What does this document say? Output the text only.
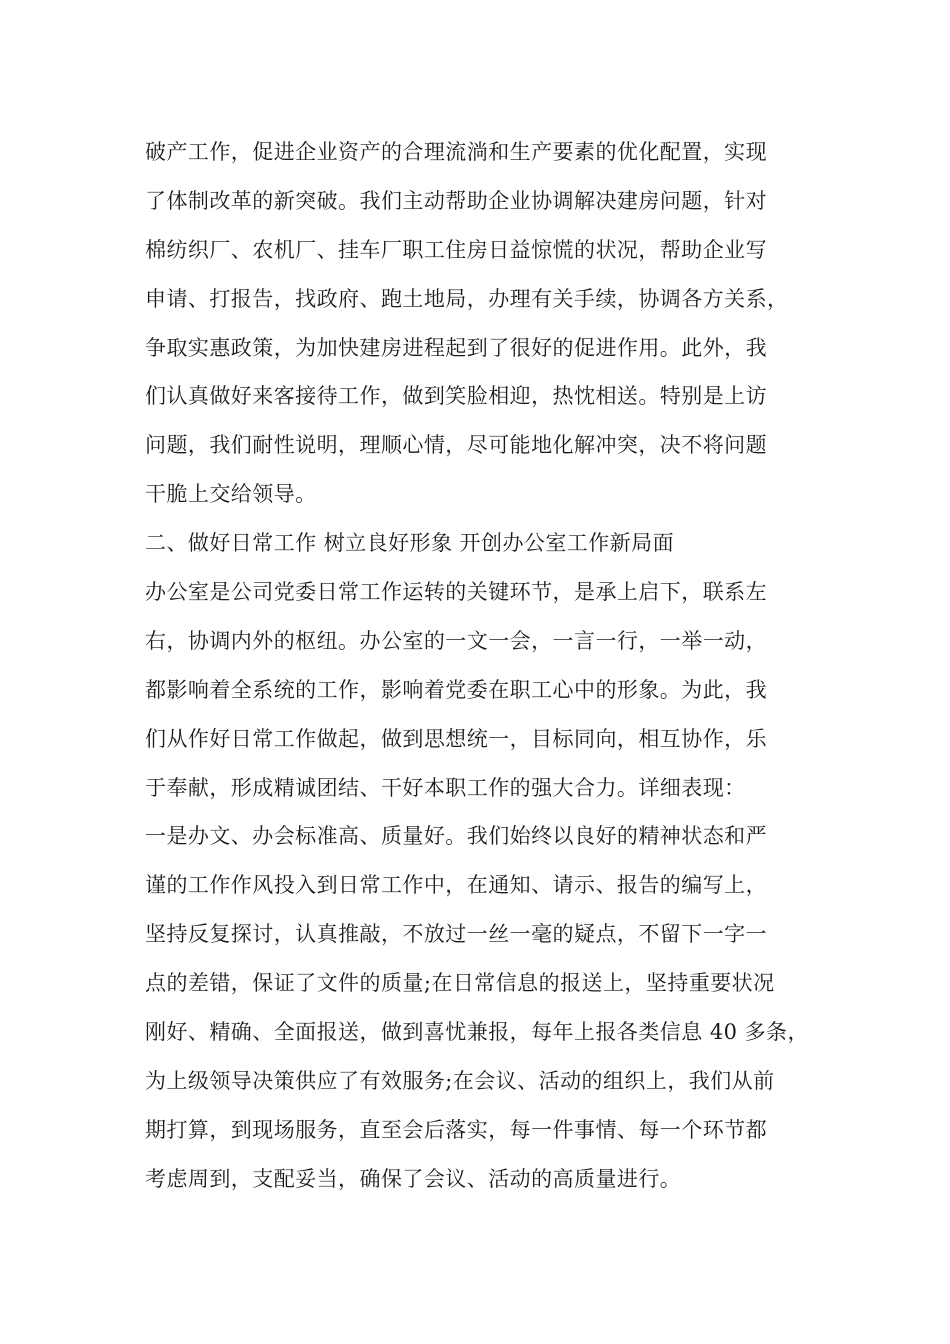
破产工作，促进企业资产的合理流淌和生产要素的优化配置，实现
了体制改革的新突破。我们主动帮助企业协调解决建房问题，针对
棉纺织厂、农机厂、挂车厂职工住房日益惊慌的状况，帮助企业写
申请、打报告，找政府、跑土地局，办理有关手续，协调各方关系，
争取实惠政策，为加快建房进程起到了很好的促进作用。此外，我
们认真做好来客接待工作，做到笑脸相迎，热忱相送。特别是上访
问题，我们耐性说明，理顺心情，尽可能地化解冲突，决不将问题
干脆上交给领导。
二、做好日常工作 树立良好形象 开创办公室工作新局面
办公室是公司党委日常工作运转的关键环节，是承上启下，联系左
右，协调内外的枢纽。办公室的一文一会，一言一行，一举一动，
都影响着全系统的工作，影响着党委在职工心中的形象。为此，我
们从作好日常工作做起，做到思想统一，目标同向，相互协作，乐
于奉献，形成精诚团结、干好本职工作的强大合力。详细表现：
一是办文、办会标准高、质量好。我们始终以良好的精神状态和严
谨的工作作风投入到日常工作中，在通知、请示、报告的编写上，
坚持反复探讨，认真推敲，不放过一丝一毫的疑点，不留下一字一
点的差错，保证了文件的质量;在日常信息的报送上，坚持重要状况
刚好、精确、全面报送，做到喜忧兼报，每年上报各类信息 40 多条，
为上级领导决策供应了有效服务;在会议、活动的组织上，我们从前
期打算，到现场服务，直至会后落实，每一件事情、每一个环节都
考虑周到，支配妥当，确保了会议、活动的高质量进行。
